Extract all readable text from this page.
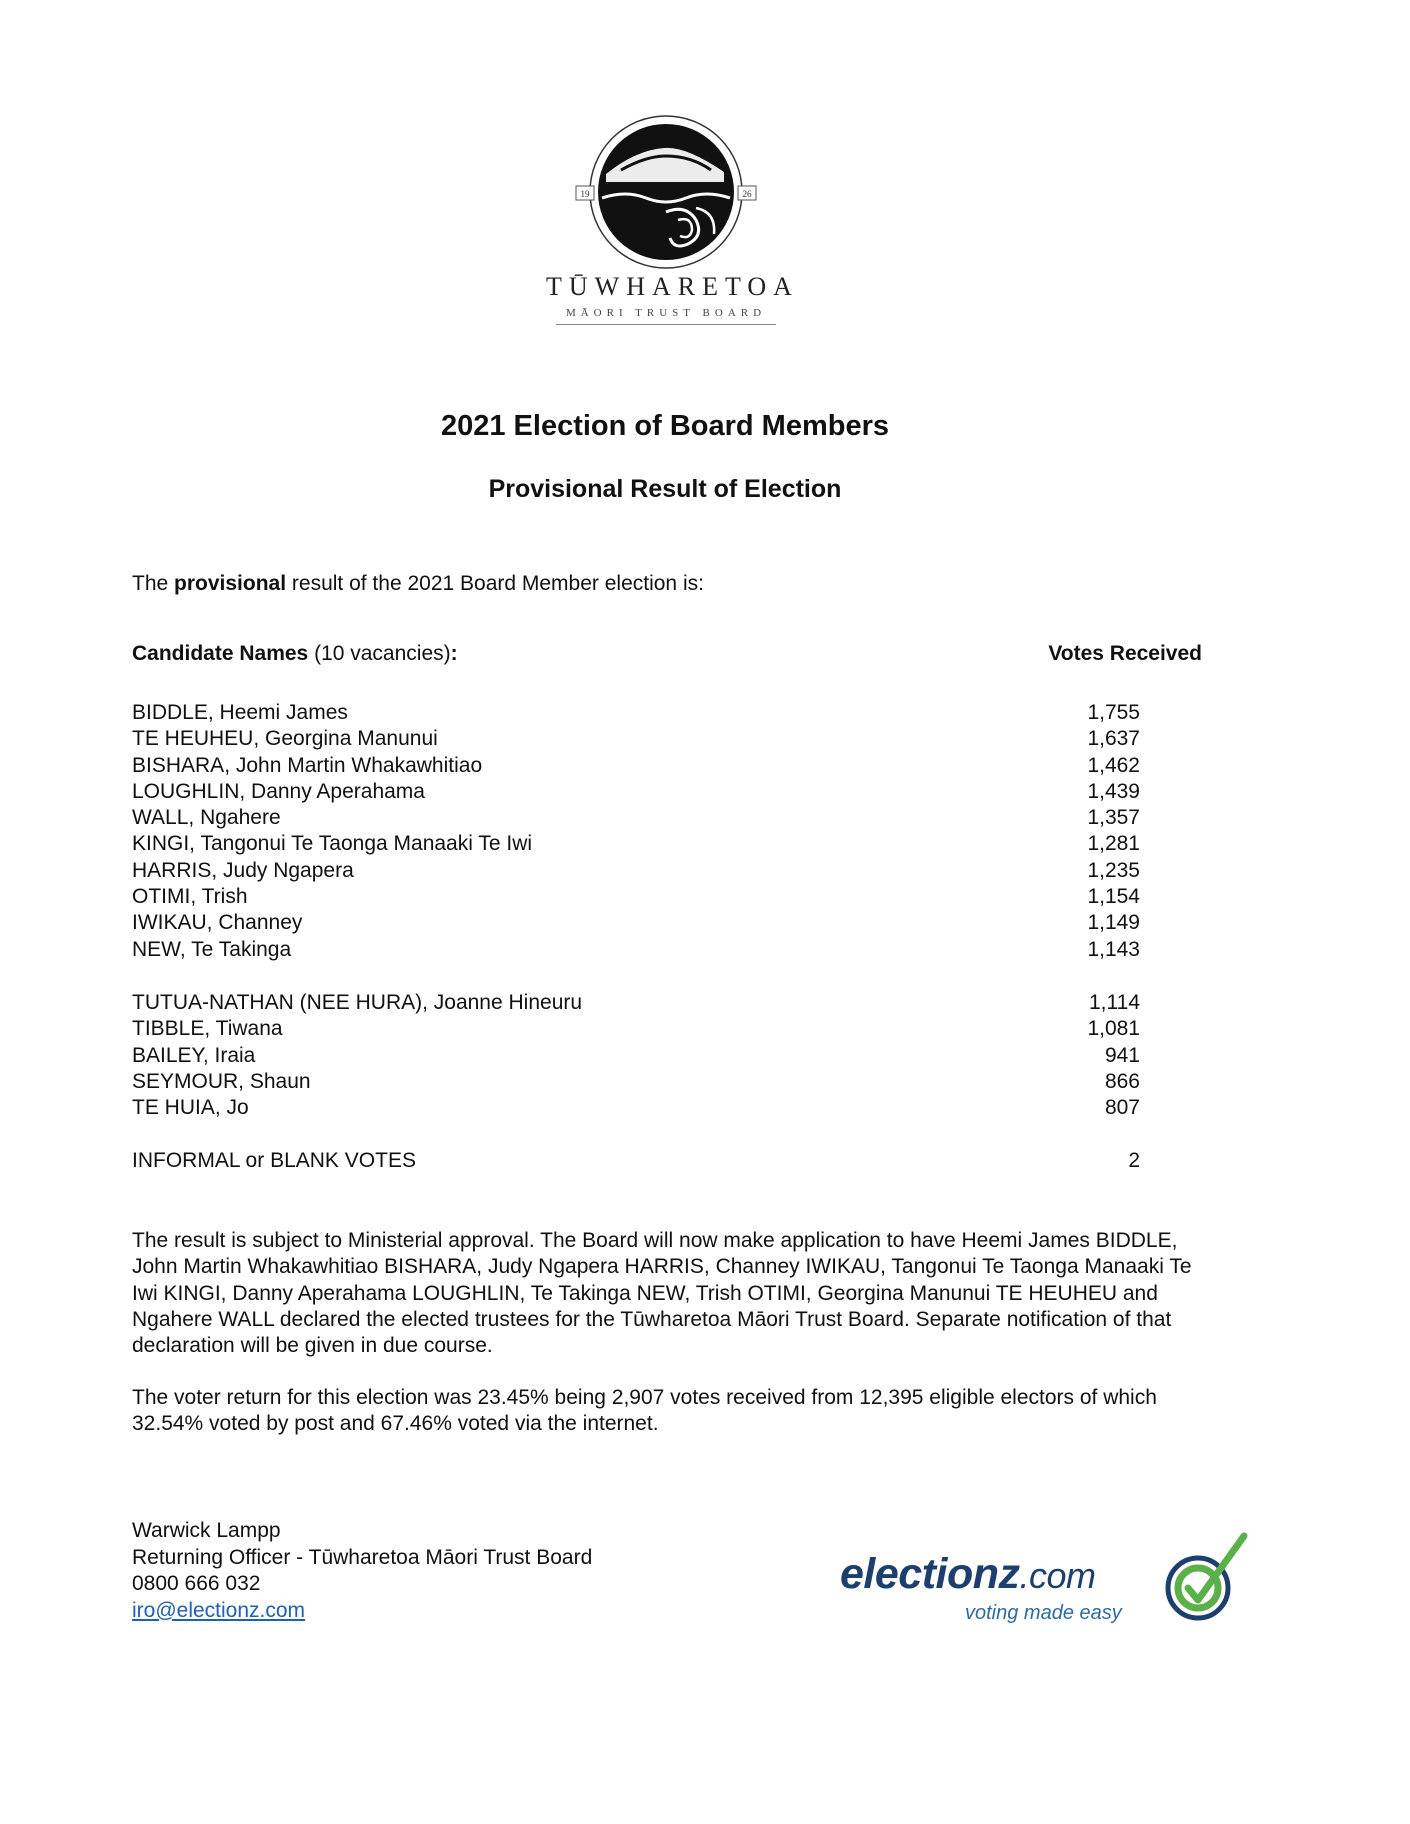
19	26
TŪWHARETOA
MĀORI TRUST BOARD
2021 Election of Board Members
Provisional Result of Election
The provisional result of the 2021 Board Member election is:
Candidate Names (10 vacancies):	Votes Received
BIDDLE, Heemi James	1,755
TE HEUHEU, Georgina Manunui	1,637
BISHARA, John Martin Whakawhitiao	1,462
LOUGHLIN, Danny Aperahama	1,439
WALL, Ngahere	1,357
KINGI, Tangonui Te Taonga Manaaki Te Iwi	1,281
HARRIS, Judy Ngapera	1,235
OTIMI, Trish	1,154
IWIKAU, Channey	1,149
NEW, Te Takinga	1,143
TUTUA-NATHAN (NEE HURA), Joanne Hineuru	1,114
TIBBLE, Tiwana	1,081
BAILEY, Iraia	941
SEYMOUR, Shaun	866
TE HUIA, Jo	807
INFORMAL or BLANK VOTES	2
The result is subject to Ministerial approval. The Board will now make application to have Heemi James BIDDLE, John Martin Whakawhitiao BISHARA, Judy Ngapera HARRIS, Channey IWIKAU, Tangonui Te Taonga Manaaki Te Iwi KINGI, Danny Aperahama LOUGHLIN, Te Takinga NEW, Trish OTIMI, Georgina Manunui TE HEUHEU and Ngahere WALL declared the elected trustees for the Tūwharetoa Māori Trust Board. Separate notification of that declaration will be given in due course.
The voter return for this election was 23.45% being 2,907 votes received from 12,395 eligible electors of which 32.54% voted by post and 67.46% voted via the internet.
Warwick Lampp
Returning Officer - Tūwharetoa Māori Trust Board
0800 666 032
iro@electionz.com
electionz.com
voting made easy
